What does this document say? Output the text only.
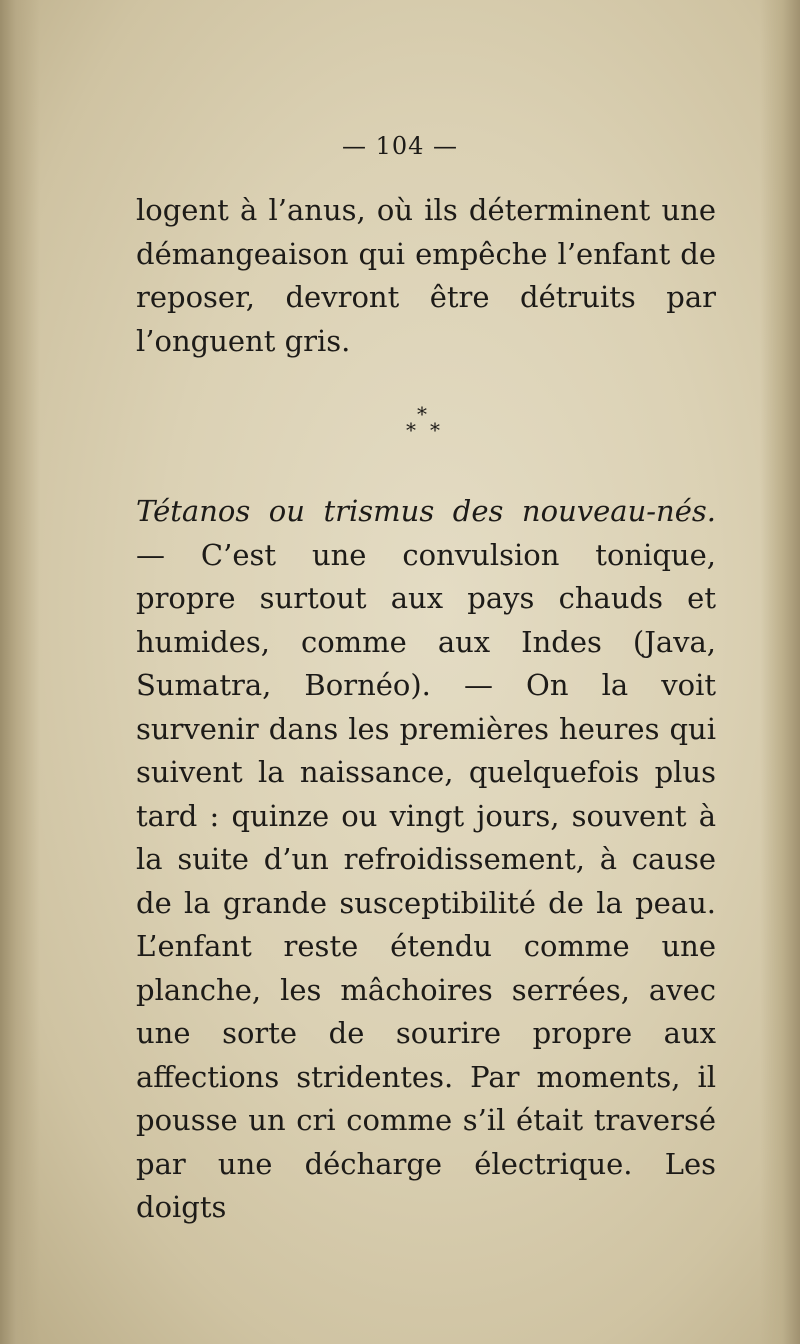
— 104 —

logent à l’anus, où ils déterminent une démangeaison qui empêche l’enfant de reposer, devront être détruits par l’onguent gris.

*
* *

Tétanos ou trismus des nouveau-nés. — C’est une convulsion tonique, propre surtout aux pays chauds et humides, comme aux Indes (Java, Sumatra, Bornéo). — On la voit survenir dans les premières heures qui suivent la naissance, quelquefois plus tard : quinze ou vingt jours, souvent à la suite d’un refroidissement, à cause de la grande susceptibilité de la peau. L’enfant reste étendu comme une planche, les mâchoires serrées, avec une sorte de sourire propre aux affections stridentes. Par moments, il pousse un cri comme s’il était traversé par une décharge électrique. Les doigts
